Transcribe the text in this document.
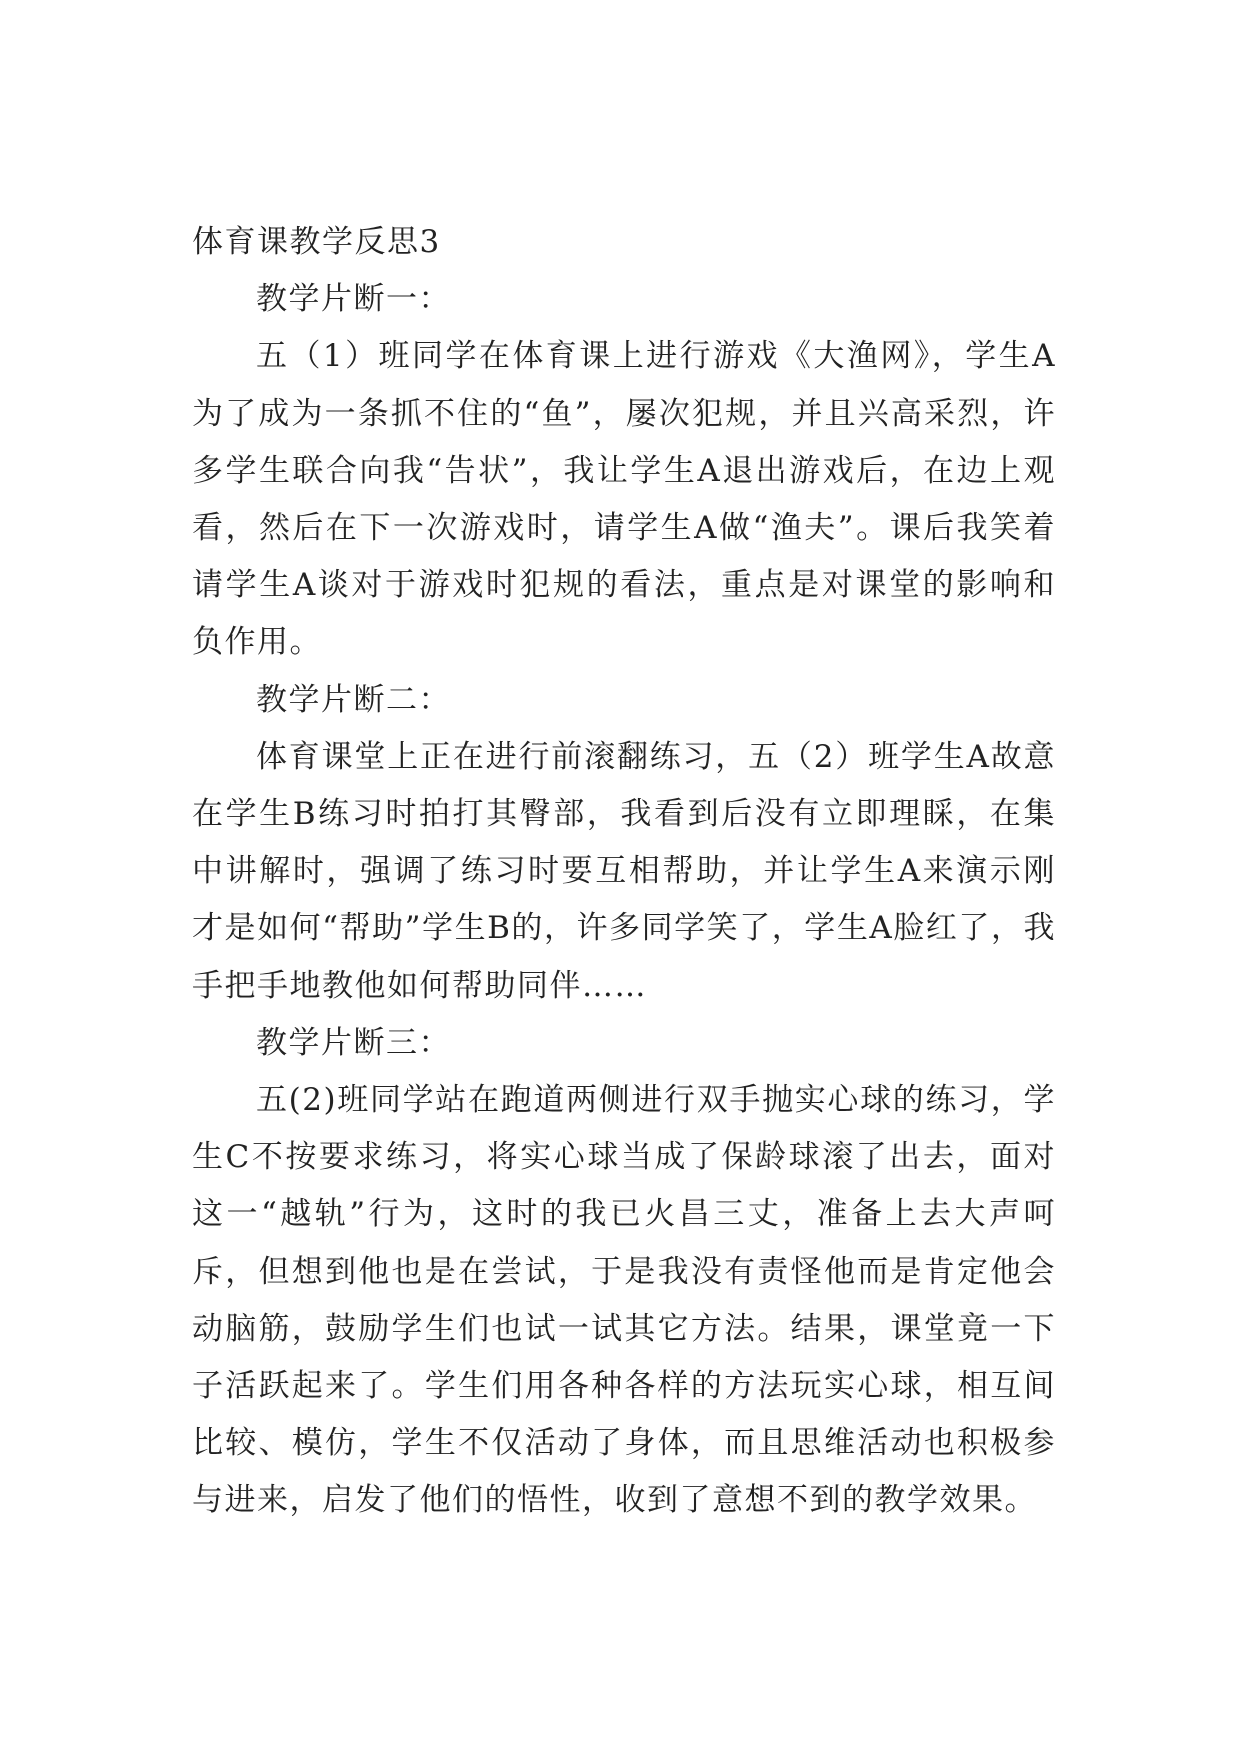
体育课教学反思3

教学片断一：

五（1）班同学在体育课上进行游戏《大渔网》，学生A为了成为一条抓不住的“鱼”，屡次犯规，并且兴高采烈，许多学生联合向我“告状”，我让学生A退出游戏后，在边上观看，然后在下一次游戏时，请学生A做“渔夫”。课后我笑着请学生A谈对于游戏时犯规的看法，重点是对课堂的影响和负作用。

教学片断二：

体育课堂上正在进行前滚翻练习，五（2）班学生A故意在学生B练习时拍打其臀部，我看到后没有立即理睬，在集中讲解时，强调了练习时要互相帮助，并让学生A来演示刚才是如何“帮助”学生B的，许多同学笑了，学生A脸红了，我手把手地教他如何帮助同伴……

教学片断三：

五(2)班同学站在跑道两侧进行双手抛实心球的练习，学生C不按要求练习，将实心球当成了保龄球滚了出去，面对这一“越轨”行为，这时的我已火昌三丈，准备上去大声呵斥，但想到他也是在尝试，于是我没有责怪他而是肯定他会动脑筋，鼓励学生们也试一试其它方法。结果，课堂竟一下子活跃起来了。学生们用各种各样的方法玩实心球，相互间比较、模仿，学生不仅活动了身体，而且思维活动也积极参与进来，启发了他们的悟性，收到了意想不到的教学效果。
